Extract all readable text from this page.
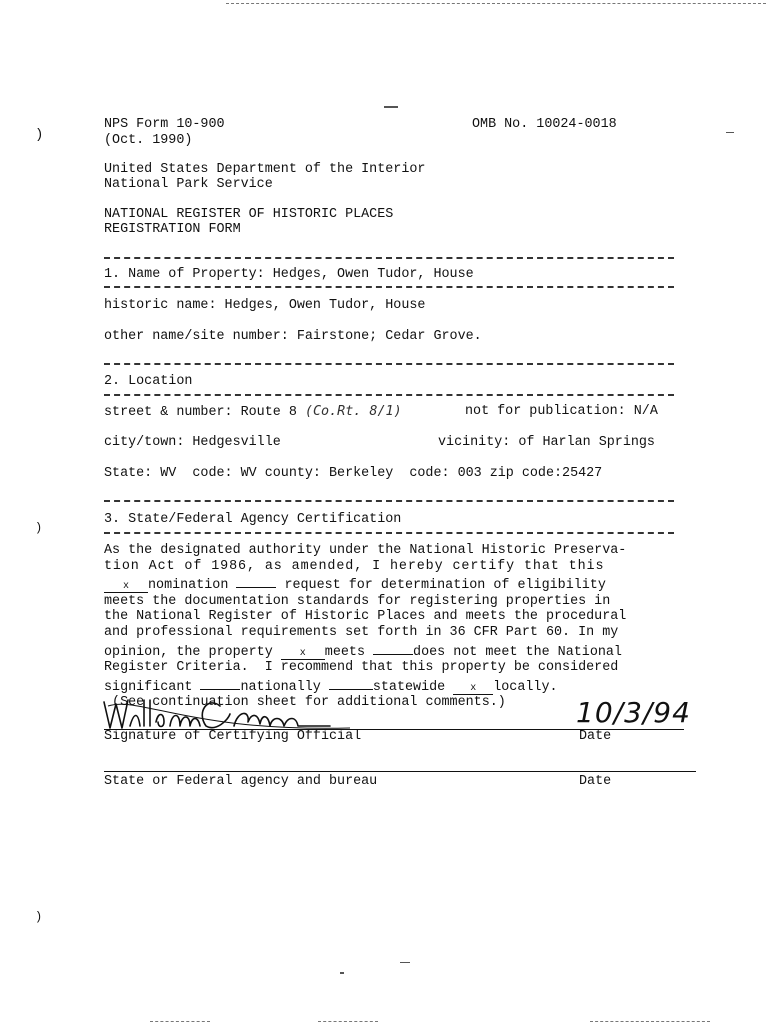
NPS Form 10-900
(Oct. 1990)
OMB No. 10024-0018
United States Department of the Interior
National Park Service
NATIONAL REGISTER OF HISTORIC PLACES
REGISTRATION FORM
1. Name of Property: Hedges, Owen Tudor, House
historic name: Hedges, Owen Tudor, House
other name/site number: Fairstone; Cedar Grove.
2. Location
street & number: Route 8 (Co.Rt. 8/1)	not for publication: N/A
city/town: Hedgesville	vicinity: of Harlan Springs
State: WV  code: WV county: Berkeley  code: 003 zip code:25427
3. State/Federal Agency Certification
As the designated authority under the National Historic Preserva-
tion Act of 1986, as amended, I hereby certify that this
x nomination	request for determination of eligibility
meets the documentation standards for registering properties in
the National Register of Historic Places and meets the procedural
and professional requirements set forth in 36 CFR Part 60. In my
opinion, the property	x meets	does not meet the National
Register Criteria.  I recommend that this property be considered
significant	nationally	statewide	x locally.
(See continuation sheet for additional comments.)	10/3/94
Signature of Certifying Official	Date
State or Federal agency and bureau	Date
)
)
)
